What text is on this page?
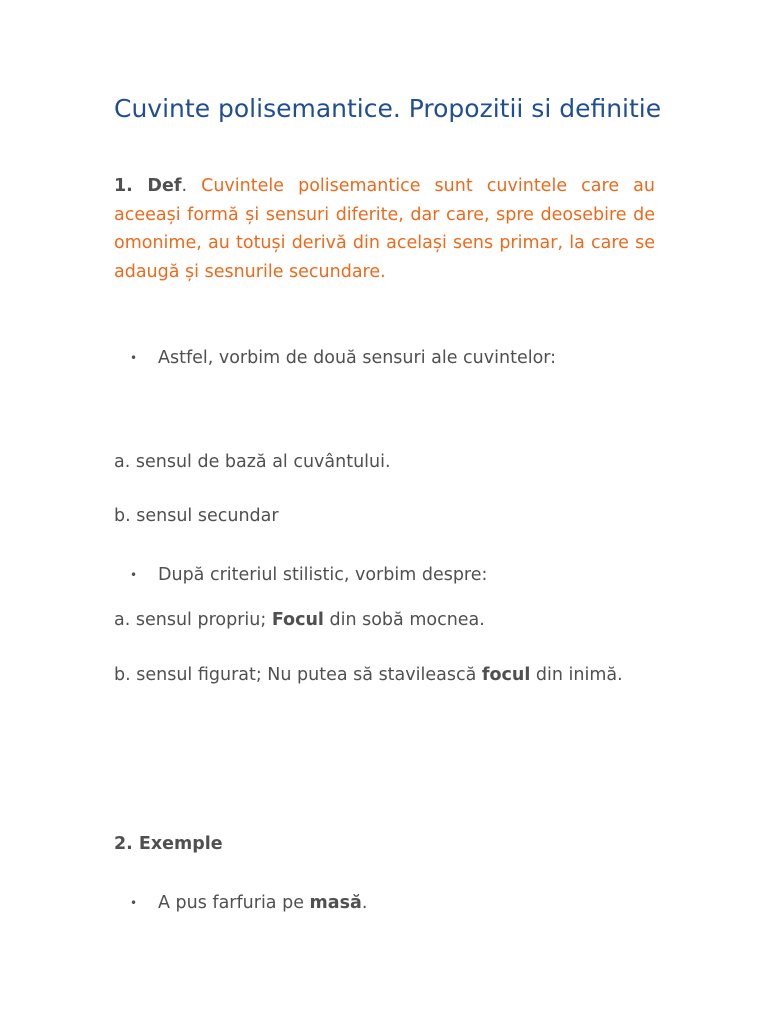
Cuvinte polisemantice. Propozitii si definitie

1. Def. Cuvintele polisemantice sunt cuvintele care au aceeași formă și sensuri diferite, dar care, spre deosebire de omonime, au totuși derivă din același sens primar, la care se adaugă și sesnurile secundare.

• Astfel, vorbim de două sensuri ale cuvintelor:

a. sensul de bază al cuvântului.

b. sensul secundar

• După criteriul stilistic, vorbim despre:

a. sensul propriu; Focul din sobă mocnea.

b. sensul figurat; Nu putea să stavilească focul din inimă.

2. Exemple

• A pus farfuria pe masă.
